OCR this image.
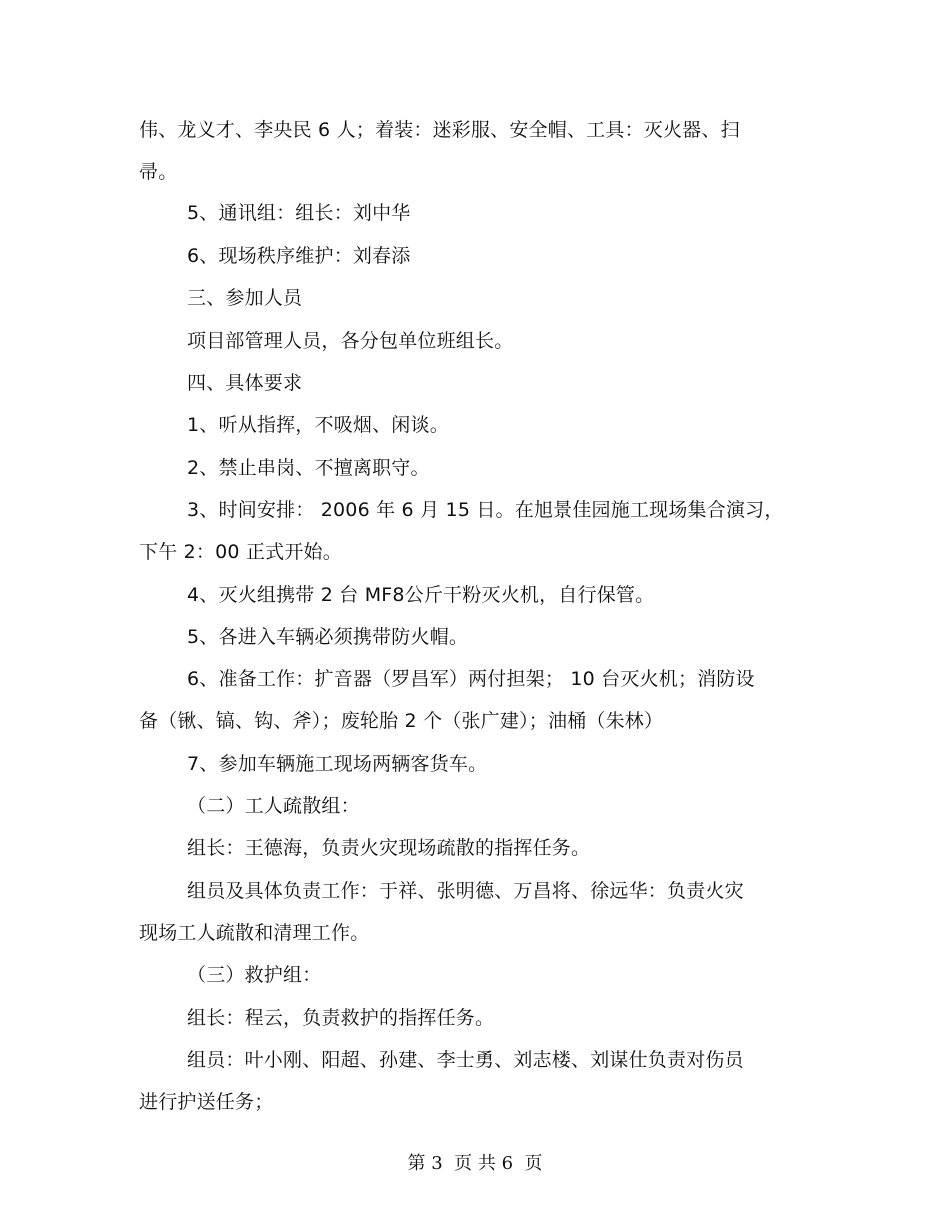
伟、龙义才、李央民 6 人；着装：迷彩服、安全帽、工具：灭火器、扫
帚。
5、通讯组：组长：刘中华
6、现场秩序维护：刘春添
三、参加人员
项目部管理人员，各分包单位班组长。
四、具体要求
1、听从指挥，不吸烟、闲谈。
2、禁止串岗、不擅离职守。
3、时间安排： 2006 年 6 月 15 日。在旭景佳园施工现场集合演习，
下午 2：00 正式开始。
4、灭火组携带 2 台 MF8公斤干粉灭火机，自行保管。
5、各进入车辆必须携带防火帽。
6、准备工作：扩音器（罗昌军）两付担架； 10 台灭火机；消防设
备（锹、镐、钩、斧）；废轮胎 2 个（张广建）；油桶（朱林）
7、参加车辆施工现场两辆客货车。
（二）工人疏散组：
组长：王德海，负责火灾现场疏散的指挥任务。
组员及具体负责工作：于祥、张明德、万昌将、徐远华：负责火灾
现场工人疏散和清理工作。
（三）救护组：
组长：程云，负责救护的指挥任务。
组员：叶小刚、阳超、孙建、李士勇、刘志楼、刘谋仕负责对伤员
进行护送任务；
第 3  页 共 6  页
